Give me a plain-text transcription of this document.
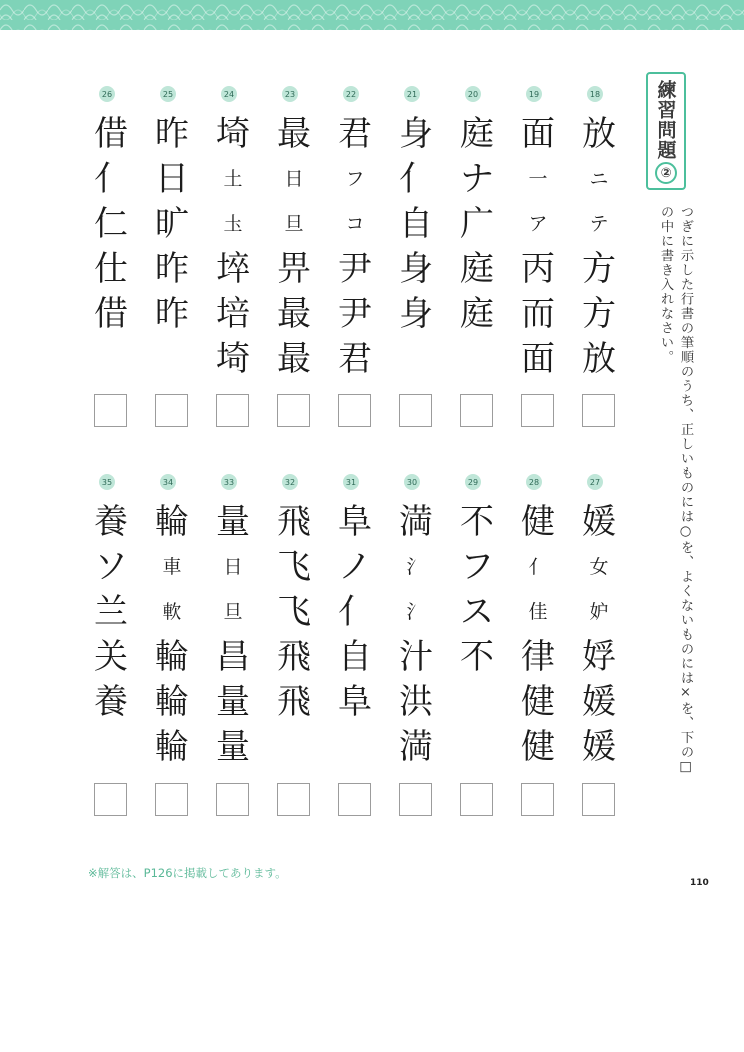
練習問題
②
つぎに示した行書の筆順のうち、正しいものには○を、よくないものには×を、下の□の中に書き入れなさい。
18
放
ニ
テ
方
方
放
19
面
一
ア
丙
而
面
20
庭
ナ
广
庭
庭
21
身
亻
自
身
身
22
君
フ
コ
尹
尹
君
23
最
日
旦
畀
最
最
24
埼
土
圡
埣
培
埼
25
昨
日
旷
昨
昨
26
借
亻
仁
仕
借
27
媛
女
妒
娐
媛
媛
28
健
亻
佳
律
健
健
29
不
フ
ス
不
30
満
氵
氵
汁
洪
満
31
阜
ノ
亻
自
阜
32
飛
飞
飞
飛
飛
33
量
日
旦
昌
量
量
34
輪
車
軟
輪
輪
輪
35
養
ソ
兰
关
養
※解答は、P126に掲載してあります。
110
